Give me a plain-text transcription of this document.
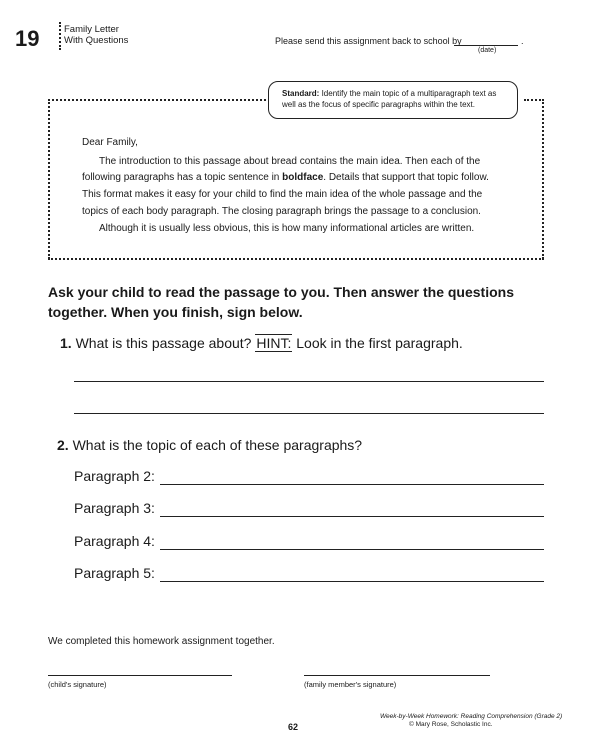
19	Family Letter
With Questions	Please send this assignment back to school by	.
(date)
Standard: Identify the main topic of a multiparagraph text as
well as the focus of specific paragraphs within the text.

Dear Family,

The introduction to this passage about bread contains the main idea. Then each of the following paragraphs has a topic sentence in boldface. Details that support that topic follow. This format makes it easy for your child to find the main idea of the whole passage and the topics of each body paragraph. The closing paragraph brings the passage to a conclusion.

Although it is usually less obvious, this is how many informational articles are written.

Ask your child to read the passage to you. Then answer the questions together. When you finish, sign below.
1. What is this passage about? HINT: Look in the first paragraph.
2. What is the topic of each of these paragraphs?
Paragraph 2:
Paragraph 3:
Paragraph 4:
Paragraph 5:
We completed this homework assignment together.
(child's signature)	(family member's signature)
62
Week-by-Week Homework: Reading Comprehension (Grade 2)
© Mary Rose, Scholastic Inc.
